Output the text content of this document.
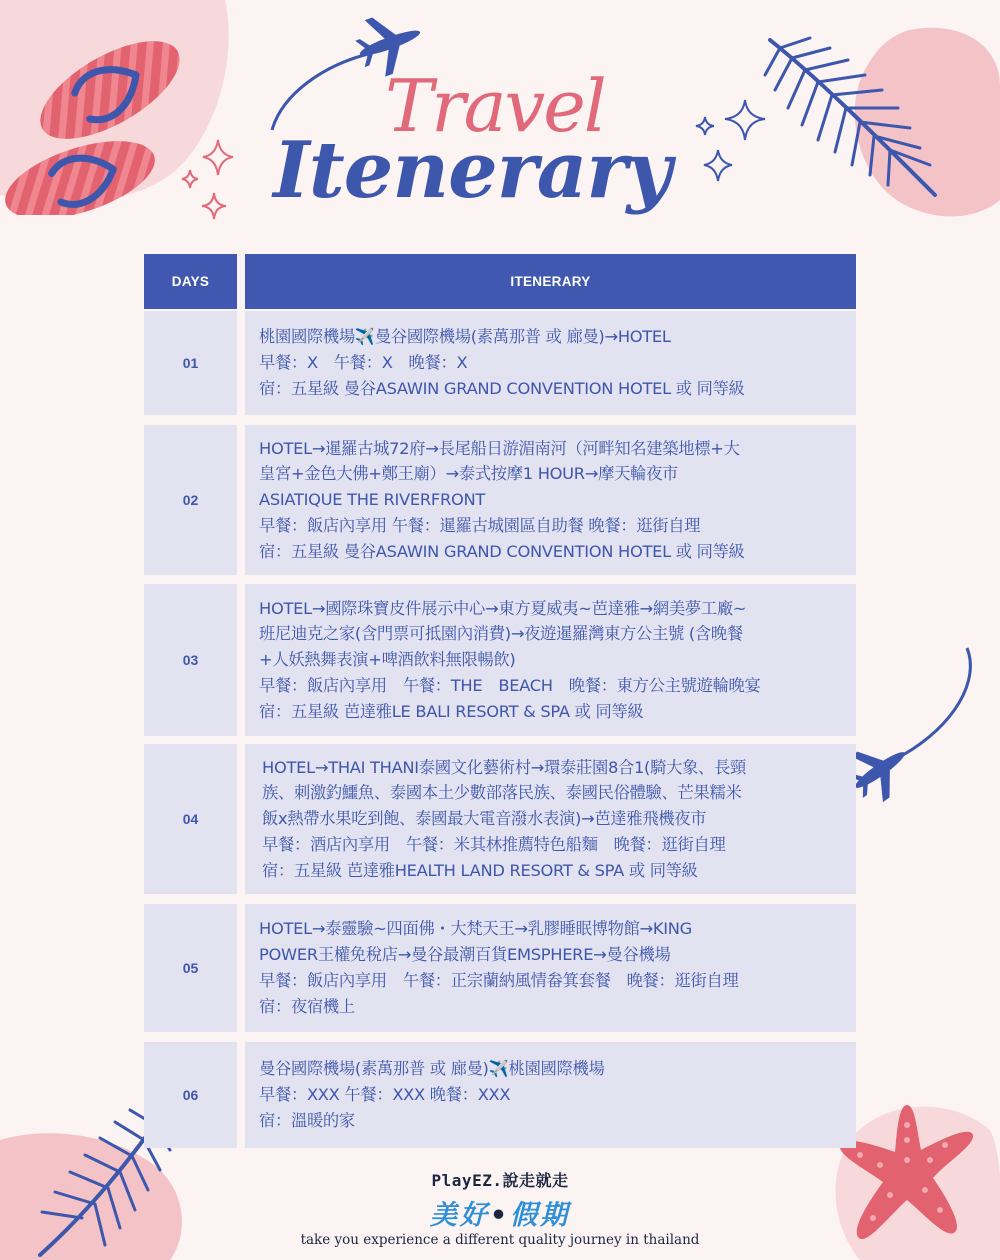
Travel
Itenerary
DAYS	ITENERARY
01
桃園國際機場✈️曼谷國際機場(素萬那普 或 廊曼)→HOTEL
早餐：X　午餐：X　晚餐：X
宿：五星級 曼谷ASAWIN GRAND CONVENTION HOTEL 或 同等級
02
HOTEL→暹羅古城72府→長尾船日游湄南河（河畔知名建築地標+大
皇宮+金色大佛+鄭王廟）→泰式按摩1 HOUR→摩天輪夜市
ASIATIQUE THE RIVERFRONT
早餐：飯店內享用 午餐：暹羅古城園區自助餐 晚餐：逛街自理
宿：五星級 曼谷ASAWIN GRAND CONVENTION HOTEL 或 同等級
03
HOTEL→國際珠寶皮件展示中心→東方夏威夷~芭達雅→網美夢工廠~
班尼迪克之家(含門票可抵園內消費)→夜遊暹羅灣東方公主號 (含晚餐
+人妖熱舞表演+啤酒飲料無限暢飲)
早餐：飯店內享用　午餐：THE　BEACH　晚餐：東方公主號遊輪晚宴
宿：五星級 芭達雅LE BALI RESORT & SPA 或 同等級
04
HOTEL→THAI THANI泰國文化藝術村→環泰莊園8合1(騎大象、長頸
族、刺激釣鱷魚、泰國本土少數部落民族、泰國民俗體驗、芒果糯米
飯x熱帶水果吃到飽、泰國最大電音潑水表演)→芭達雅飛機夜市
早餐：酒店內享用　午餐：米其林推薦特色船麵　晚餐：逛街自理
宿：五星級 芭達雅HEALTH LAND RESORT & SPA 或 同等級
05
HOTEL→泰靈驗~四面佛・大梵天王→乳膠睡眠博物館→KING
POWER王權免稅店→曼谷最潮百貨EMSPHERE→曼谷機場
早餐：飯店內享用　午餐：正宗蘭納風情畚箕套餐　晚餐：逛街自理
宿：夜宿機上
06
曼谷國際機場(素萬那普 或 廊曼)✈️桃園國際機場
早餐：XXX 午餐：XXX 晚餐：XXX
宿：溫暖的家
PlayEZ.說走就走
美好•假期
take you experience a different quality journey in thailand
